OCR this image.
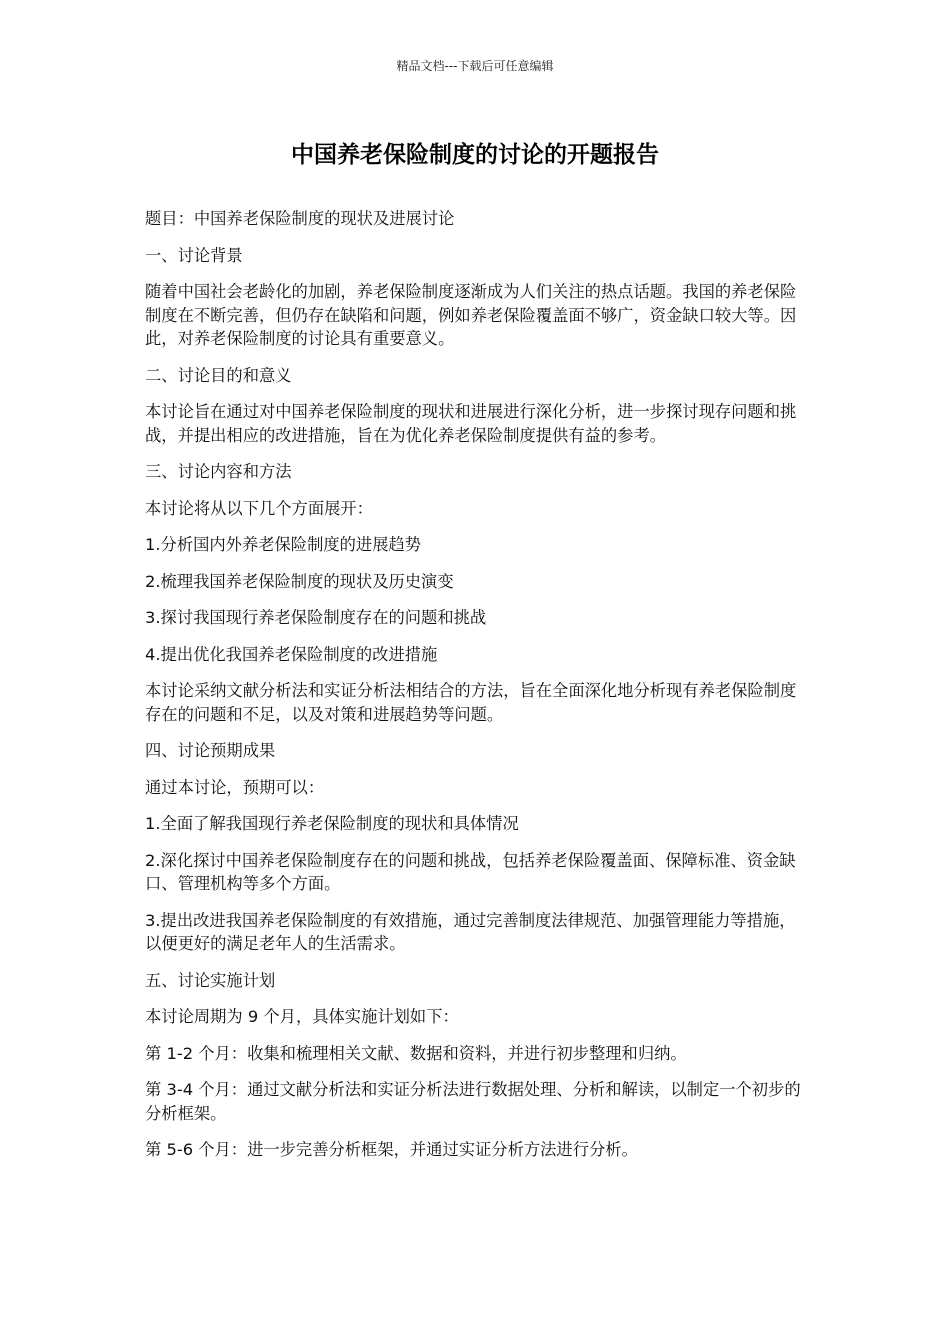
精品文档---下载后可任意编辑
中国养老保险制度的讨论的开题报告

题目：中国养老保险制度的现状及进展讨论

一、讨论背景

随着中国社会老龄化的加剧，养老保险制度逐渐成为人们关注的热点话题。我国的养老保险制度在不断完善，但仍存在缺陷和问题，例如养老保险覆盖面不够广，资金缺口较大等。因此，对养老保险制度的讨论具有重要意义。

二、讨论目的和意义

本讨论旨在通过对中国养老保险制度的现状和进展进行深化分析，进一步探讨现存问题和挑战，并提出相应的改进措施，旨在为优化养老保险制度提供有益的参考。

三、讨论内容和方法

本讨论将从以下几个方面展开：

1.分析国内外养老保险制度的进展趋势

2.梳理我国养老保险制度的现状及历史演变

3.探讨我国现行养老保险制度存在的问题和挑战

4.提出优化我国养老保险制度的改进措施

本讨论采纳文献分析法和实证分析法相结合的方法，旨在全面深化地分析现有养老保险制度存在的问题和不足，以及对策和进展趋势等问题。

四、讨论预期成果

通过本讨论，预期可以：

1.全面了解我国现行养老保险制度的现状和具体情况

2.深化探讨中国养老保险制度存在的问题和挑战，包括养老保险覆盖面、保障标准、资金缺口、管理机构等多个方面。

3.提出改进我国养老保险制度的有效措施，通过完善制度法律规范、加强管理能力等措施，以便更好的满足老年人的生活需求。

五、讨论实施计划

本讨论周期为 9 个月，具体实施计划如下：

第 1-2 个月：收集和梳理相关文献、数据和资料，并进行初步整理和归纳。

第 3-4 个月：通过文献分析法和实证分析法进行数据处理、分析和解读，以制定一个初步的分析框架。

第 5-6 个月：进一步完善分析框架，并通过实证分析方法进行分析。
